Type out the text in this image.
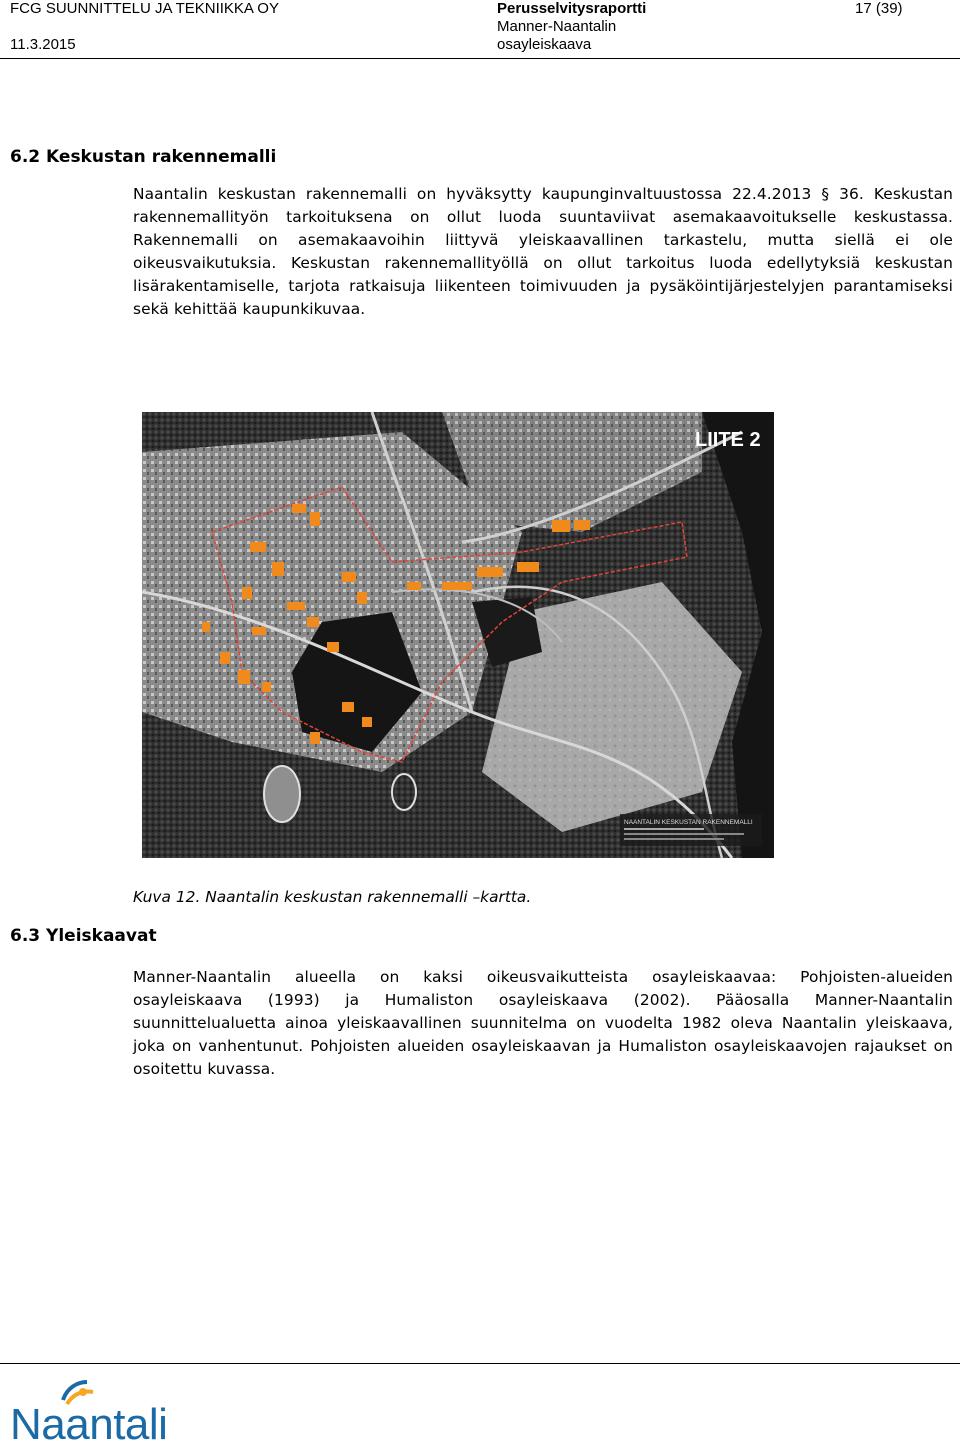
FCG SUUNNITTELU JA TEKNIIKKA OY
11.3.2015
Perusselvitysraportti
Manner-Naantalin
osayleiskaava
17 (39)
6.2 Keskustan rakennemalli
Naantalin keskustan rakennemalli on hyväksytty kaupunginvaltuustossa 22.4.2013 § 36. Keskustan rakennemallityön tarkoituksena on ollut luoda suuntaviivat asemakaavoitukselle keskustassa. Rakennemalli on asemakaavoihin liittyvä yleiskaavallinen tarkastelu, mutta siellä ei ole oikeusvaikutuksia. Keskustan rakennemallityöllä on ollut tarkoitus luoda edellytyksiä keskustan lisärakentamiselle, tarjota ratkaisuja liikenteen toimivuuden ja pysäköintijärjestelyjen parantamiseksi sekä kehittää kaupunkikuvaa.
LIITE 2
NAANTALIN KESKUSTAN RAKENNEMALLI
Kuva 12. Naantalin keskustan rakennemalli –kartta.
6.3 Yleiskaavat
Manner-Naantalin alueella on kaksi oikeusvaikutteista osayleiskaavaa: Pohjoisten-alueiden osayleiskaava (1993) ja Humaliston osayleiskaava (2002). Pääosalla Manner-Naantalin suunnittelualuetta ainoa yleiskaavallinen suunnitelma on vuodelta 1982 oleva Naantalin yleiskaava, joka on vanhentunut. Pohjoisten alueiden osayleiskaavan ja Humaliston osayleiskaavojen rajaukset on osoitettu kuvassa.
Naantali
